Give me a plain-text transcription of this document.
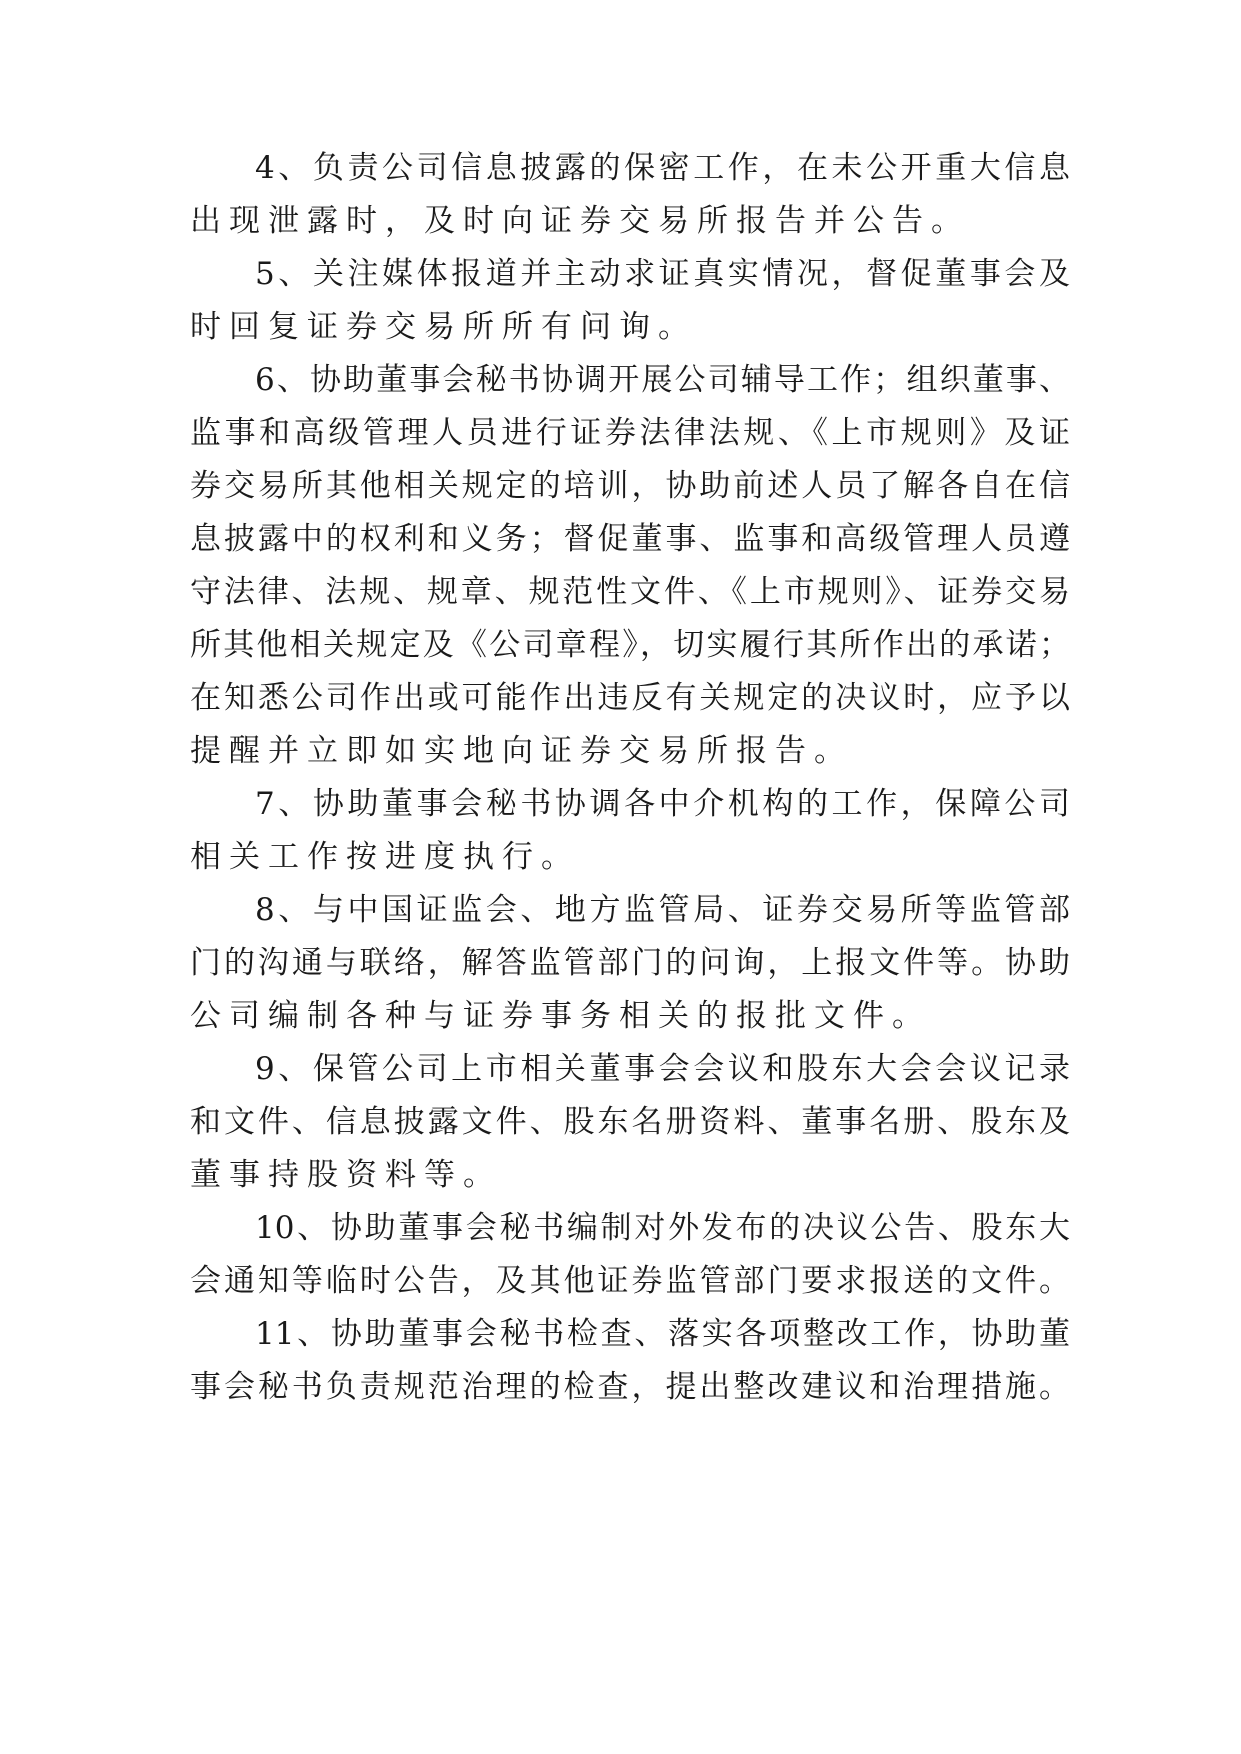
4、负责公司信息披露的保密工作，在未公开重大信息
出现泄露时，及时向证券交易所报告并公告。
5、关注媒体报道并主动求证真实情况，督促董事会及
时回复证券交易所所有问询。
6、协助董事会秘书协调开展公司辅导工作；组织董事、
监事和高级管理人员进行证券法律法规、《上市规则》及证
券交易所其他相关规定的培训，协助前述人员了解各自在信
息披露中的权利和义务；督促董事、监事和高级管理人员遵
守法律、法规、规章、规范性文件、《上市规则》、证券交易
所其他相关规定及《公司章程》，切实履行其所作出的承诺；
在知悉公司作出或可能作出违反有关规定的决议时，应予以
提醒并立即如实地向证券交易所报告。
7、协助董事会秘书协调各中介机构的工作，保障公司
相关工作按进度执行。
8、与中国证监会、地方监管局、证券交易所等监管部
门的沟通与联络，解答监管部门的问询，上报文件等。协助
公司编制各种与证券事务相关的报批文件。
9、保管公司上市相关董事会会议和股东大会会议记录
和文件、信息披露文件、股东名册资料、董事名册、股东及
董事持股资料等。
10、协助董事会秘书编制对外发布的决议公告、股东大
会通知等临时公告，及其他证券监管部门要求报送的文件。
11、协助董事会秘书检查、落实各项整改工作，协助董
事会秘书负责规范治理的检查，提出整改建议和治理措施。
